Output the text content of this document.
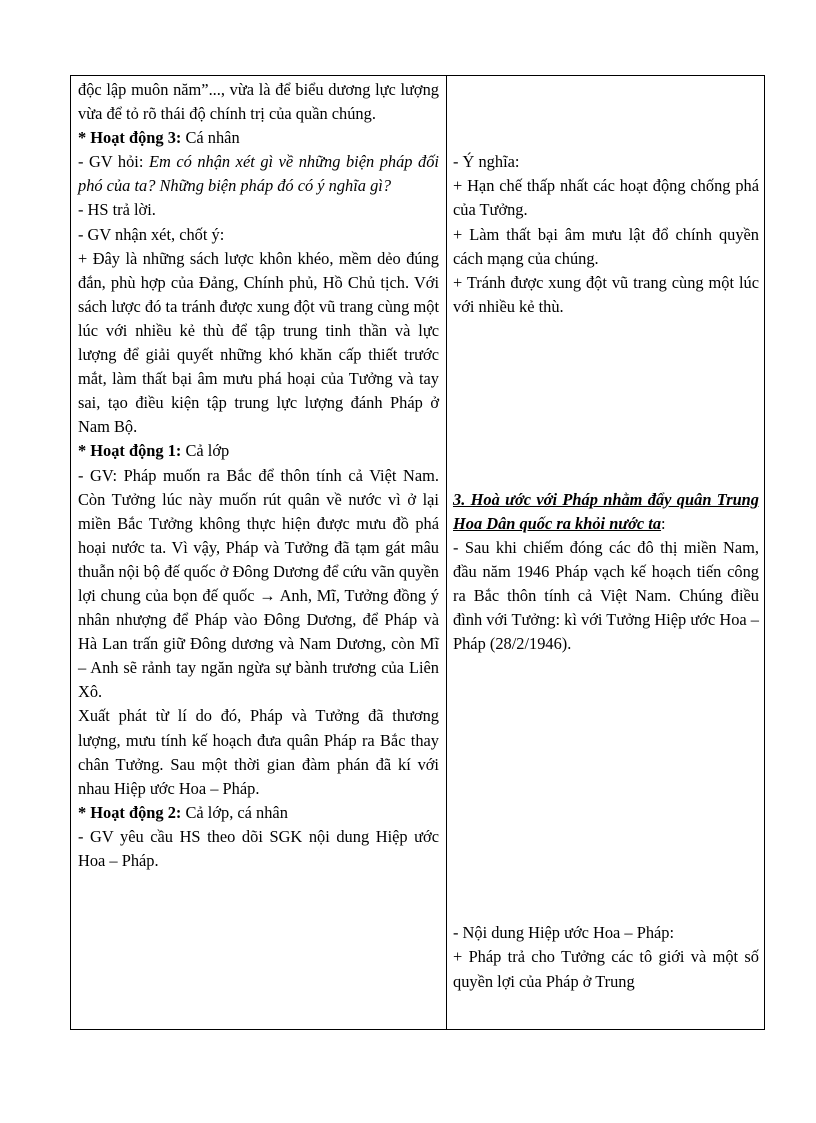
độc lập muôn năm”..., vừa là để biểu dương lực lượng vừa để tỏ rõ thái độ chính trị của quần chúng.
* Hoạt động 3: Cá nhân
- GV hỏi: Em có nhận xét gì về những biện pháp đối phó của ta? Những biện pháp đó có ý nghĩa gì?
- HS trả lời.
- GV nhận xét, chốt ý:
+ Đây là những sách lược khôn khéo, mềm dẻo đúng đắn, phù hợp của Đảng, Chính phủ, Hồ Chủ tịch. Với sách lược đó ta tránh được xung đột vũ trang cùng một lúc với nhiều kẻ thù để tập trung tinh thần và lực lượng để giải quyết những khó khăn cấp thiết trước mắt, làm thất bại âm mưu phá hoại của Tưởng và tay sai, tạo điều kiện tập trung lực lượng đánh Pháp ở Nam Bộ.
* Hoạt động 1: Cả lớp
- GV: Pháp muốn ra Bắc để thôn tính cả Việt Nam. Còn Tưởng lúc này muốn rút quân về nước vì ở lại miền Bắc Tưởng không thực hiện được mưu đồ phá hoại nước ta. Vì vậy, Pháp và Tưởng đã tạm gát mâu thuẫn nội bộ đế quốc ở Đông Dương để cứu vãn quyền lợi chung của bọn đế quốc → Anh, Mĩ, Tưởng đồng ý nhân nhượng để Pháp vào Đông Dương, để Pháp và Hà Lan trấn giữ Đông dương và Nam Dương, còn Mĩ – Anh sẽ rảnh tay ngăn ngừa sự bành trương của Liên Xô.
Xuất phát từ lí do đó, Pháp và Tưởng đã thương lượng, mưu tính kế hoạch đưa quân Pháp ra Bắc thay chân Tưởng. Sau một thời gian đàm phán đã kí với nhau Hiệp ước Hoa – Pháp.
* Hoạt động 2: Cả lớp, cá nhân
- GV yêu cầu HS theo dõi SGK nội dung Hiệp ước Hoa – Pháp.
- Ý nghĩa:
+ Hạn chế thấp nhất các hoạt động chống phá của Tưởng.
+ Làm thất bại âm mưu lật đổ chính quyền cách mạng của chúng.
+ Tránh được xung đột vũ trang cùng một lúc với nhiều kẻ thù.
3. Hoà ước với Pháp nhằm đẩy quân Trung Hoa Dân quốc ra khỏi nước ta:
- Sau khi chiếm đóng các đô thị miền Nam, đầu năm 1946 Pháp vạch kế hoạch tiến công ra Bắc thôn tính cả Việt Nam. Chúng điều đình với Tưởng: kì với Tưởng Hiệp ước Hoa – Pháp (28/2/1946).
- Nội dung Hiệp ước Hoa – Pháp:
+ Pháp trả cho Tưởng các tô giới và một số quyền lợi của Pháp ở Trung
